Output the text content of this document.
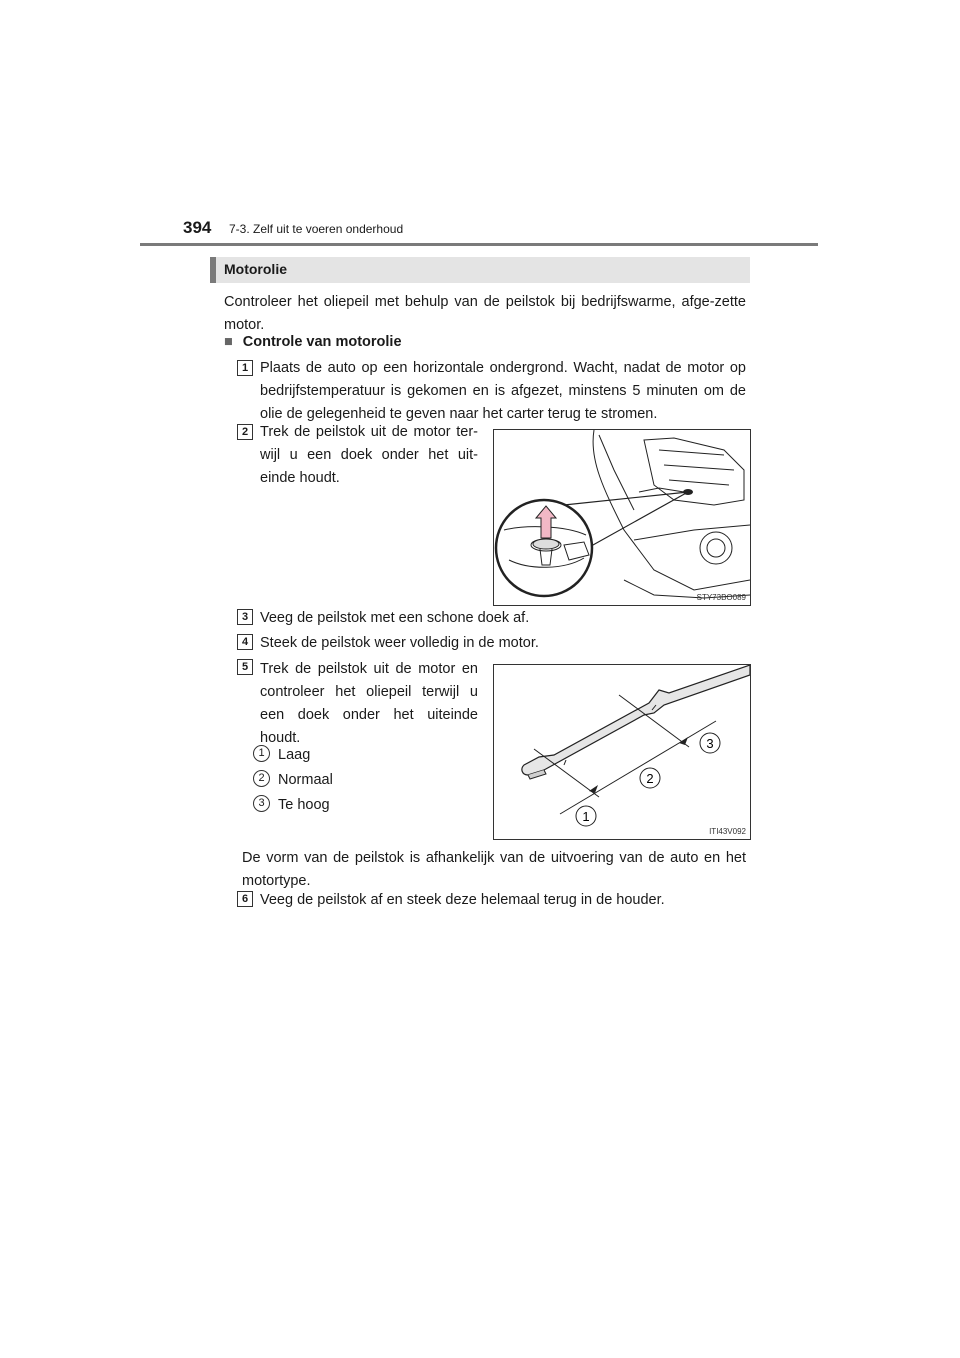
394 7-3. Zelf uit te voeren onderhoud
Motorolie
Controleer het oliepeil met behulp van de peilstok bij bedrijfswarme, afge-zette motor.
■ Controle van motorolie
1 Plaats de auto op een horizontale ondergrond. Wacht, nadat de motor op bedrijfstemperatuur is gekomen en is afgezet, minstens 5 minuten om de olie de gelegenheid te geven naar het carter terug te stromen.
2 Trek de peilstok uit de motor ter-wijl u een doek onder het uit-einde houdt.
STY73BO089
3 Veeg de peilstok met een schone doek af.
4 Steek de peilstok weer volledig in de motor.
5 Trek de peilstok uit de motor en controleer het oliepeil terwijl u een doek onder het uiteinde houdt.
1 Laag
2 Normaal
3 Te hoog
1
2
3
ITI43V092
De vorm van de peilstok is afhankelijk van de uitvoering van de auto en het motortype.
6 Veeg de peilstok af en steek deze helemaal terug in de houder.
